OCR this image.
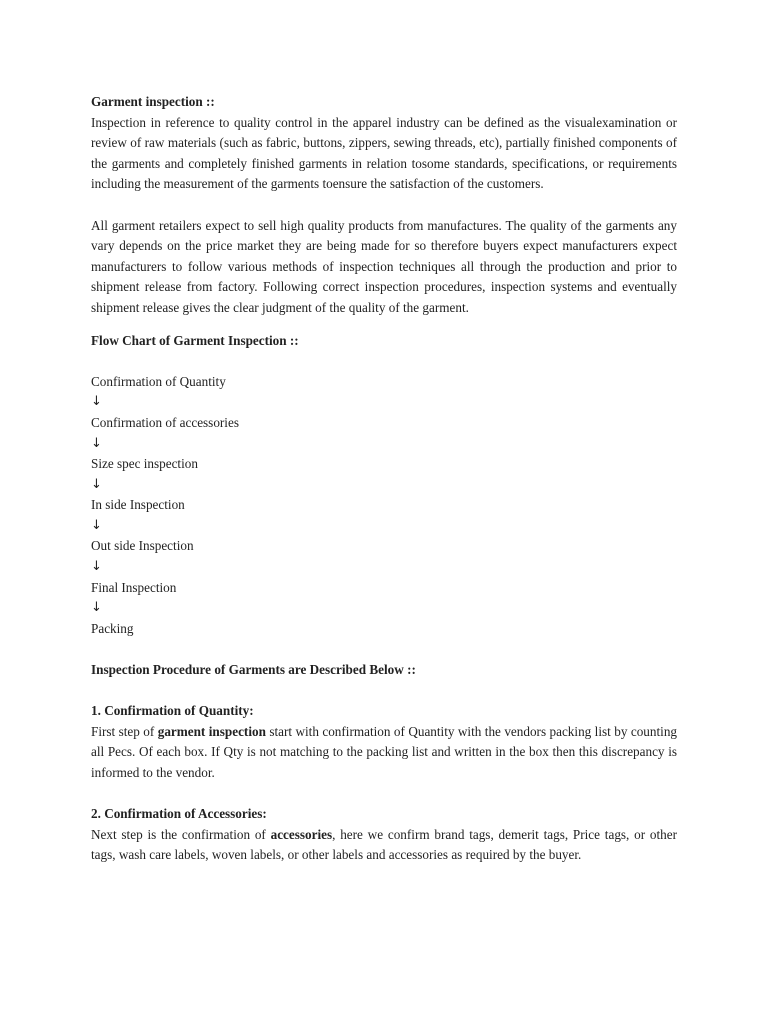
Garment inspection ::

Inspection in reference to quality control in the apparel industry can be defined as the visualexamination or review of raw materials (such as fabric, buttons, zippers, sewing threads, etc), partially finished components of the garments and completely finished garments in relation tosome standards, specifications, or requirements including the measurement of the garments toensure the satisfaction of the customers.

All garment retailers expect to sell high quality products from manufactures. The quality of the garments any vary depends on the price market they are being made for so therefore buyers expect manufacturers expect manufacturers to follow various methods of inspection techniques all through the production and prior to shipment release from factory. Following correct inspection procedures, inspection systems and eventually shipment release gives the clear judgment of the quality of the garment.

Flow Chart of Garment Inspection ::

Confirmation of Quantity
↓
Confirmation of accessories
↓
Size spec inspection
↓
In side Inspection
↓
Out side Inspection
↓
Final Inspection
↓
Packing

Inspection Procedure of Garments are Described Below ::

1. Confirmation of Quantity:

First step of garment inspection start with confirmation of Quantity with the vendors packing list by counting all Pecs. Of each box. If Qty is not matching to the packing list and written in the box then this discrepancy is informed to the vendor.

2. Confirmation of Accessories:

Next step is the confirmation of accessories, here we confirm brand tags, demerit tags, Price tags, or other tags, wash care labels, woven labels, or other labels and accessories as required by the buyer.
